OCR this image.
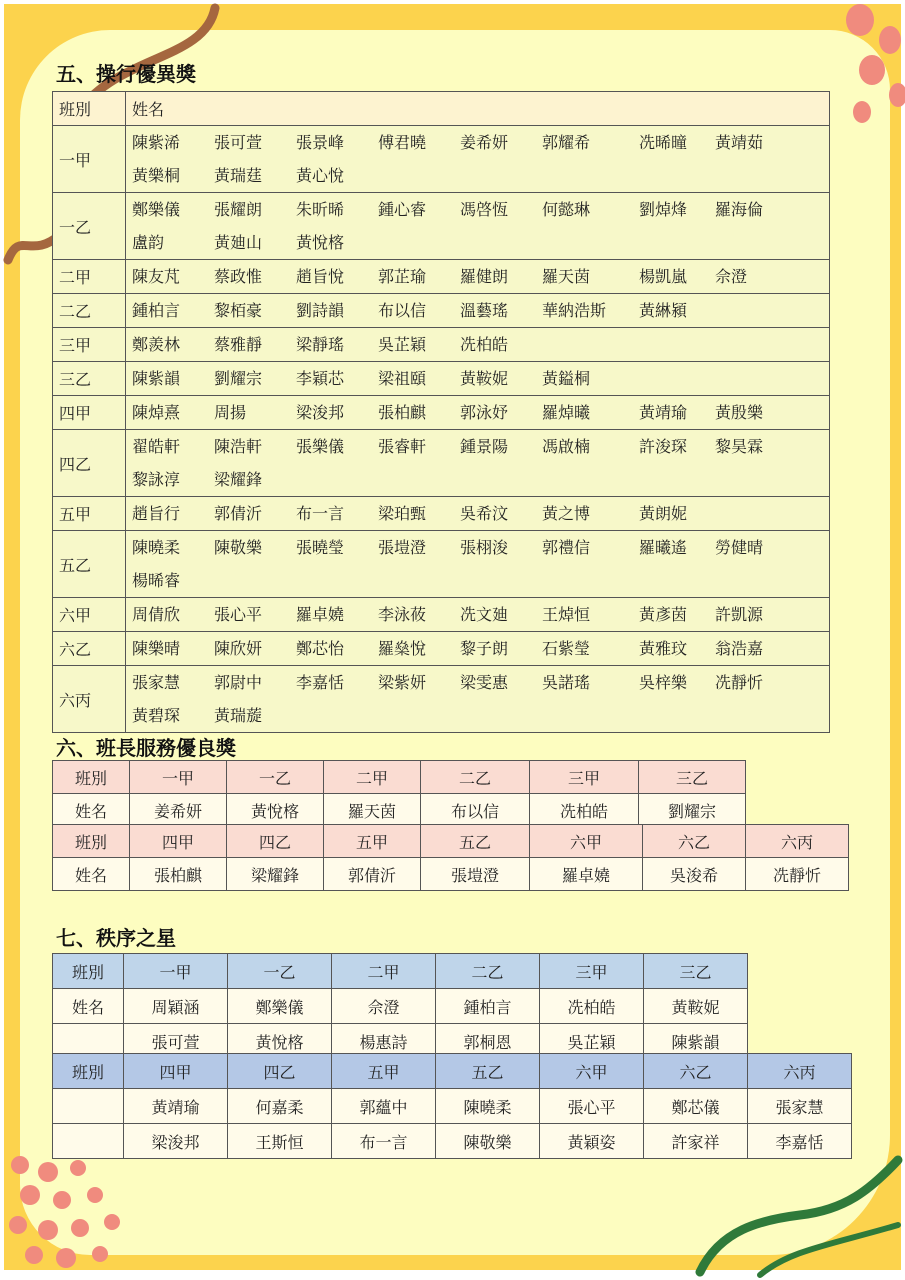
五、操行優異獎
班別	姓名
一甲	陳紫浠 張可萱 張景峰 傅君曉 姜希妍 郭耀希 冼晞曈 黃靖茹
黃樂桐 黃瑞莛 黃心悅

一乙	鄭樂儀 張耀朗 朱昕晞 鍾心睿 馮啓恆 何懿琳 劉焯烽 羅海倫
盧韵 黃廸山 黃悅楁

二甲	陳友芃 蔡政惟 趙旨悅 郭芷瑜 羅健朗 羅天茵 楊凱嵐 佘澄

二乙	鍾柏言 黎栢豪 劉詩韻 布以信 溫藝瑤 華納浩斯 黃綝潁

三甲	鄭羨林 蔡雅靜 梁靜瑤 吳芷穎 冼柏皓

三乙	陳紫韻 劉耀宗 李穎芯 梁祖頤 黃鞍妮 黃鎰桐

四甲	陳焯熹 周揚 梁浚邦 張柏麒 郭泳妤 羅焯曦 黃靖瑜 黃殷樂

四乙	翟皓軒 陳浩軒 張樂儀 張睿軒 鍾景陽 馮啟楠 許浚琛 黎昊霖
黎詠淳 梁耀鋒

五甲	趙旨行 郭倩沂 布一言 梁珀甄 吳希汶 黃之博 黃朗妮

五乙	陳曉柔 陳敬樂 張曉瑩 張塏澄 張栩浚 郭禮信 羅曦遙 勞健晴
楊晞睿

六甲	周倩欣 張心平 羅卓嬈 李泳莜 冼文廸 王焯恒 黃彥茵 許凱源

六乙	陳樂晴 陳欣妍 鄭芯怡 羅燊悅 黎子朗 石紫瑩 黃雅玟 翁浩嘉

六丙	張家慧 郭尉中 李嘉恬 梁紫妍 梁雯惠 吳諾瑤 吳梓樂 冼靜忻
黃碧琛 黃瑞蔙
六、班長服務優良獎
班別	一甲	一乙	二甲	二乙	三甲	三乙
姓名	姜希妍	黃悅楁	羅天茵	布以信	冼柏皓	劉耀宗
班別	四甲	四乙	五甲	五乙	六甲	六乙	六丙
姓名	張柏麒	梁耀鋒	郭倩沂	張塏澄	羅卓嬈	吳浚希	冼靜忻
七、秩序之星
班別	一甲	一乙	二甲	二乙	三甲	三乙
姓名	周穎涵	鄭樂儀	佘澄	鍾柏言	冼柏皓	黃鞍妮
	張可萱	黃悅楁	楊惠詩	郭桐恩	吳芷穎	陳紫韻
班別	四甲	四乙	五甲	五乙	六甲	六乙	六丙
	黃靖瑜	何嘉柔	郭蘊中	陳曉柔	張心平	鄭芯儀	張家慧
	梁浚邦	王斯恒	布一言	陳敬樂	黃穎姿	許家祥	李嘉恬
